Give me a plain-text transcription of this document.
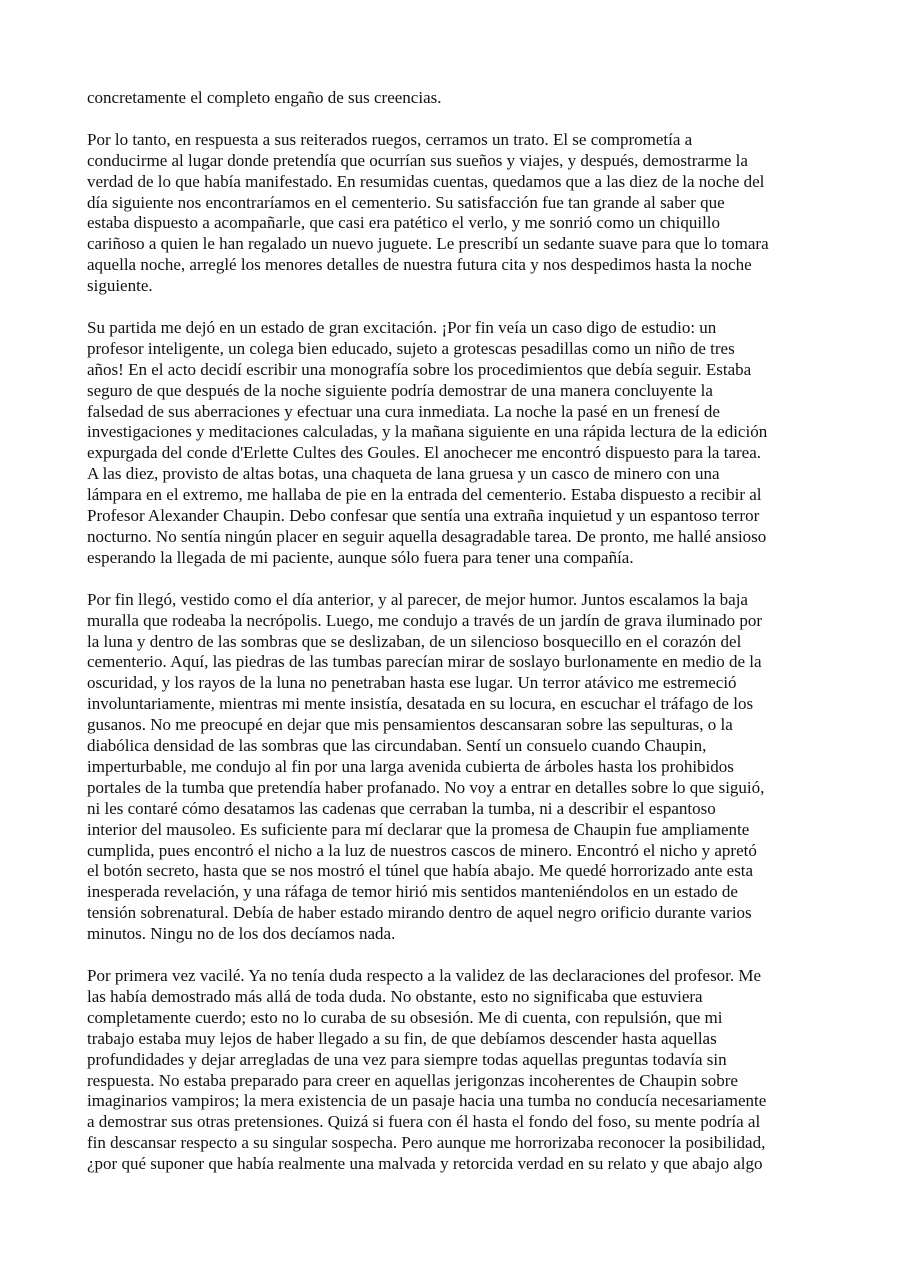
concretamente el completo engaño de sus creencias.

Por lo tanto, en respuesta a sus reiterados ruegos, cerramos un trato. El se comprometía a
conducirme al lugar donde pretendía que ocurrían sus sueños y viajes, y después, demostrarme la
verdad de lo que había manifestado. En resumidas cuentas, quedamos que a las diez de la noche del
día siguiente nos encontraríamos en el cementerio. Su satisfacción fue tan grande al saber que
estaba dispuesto a acompañarle, que casi era patético el verlo, y me sonrió como un chiquillo
cariñoso a quien le han regalado un nuevo juguete. Le prescribí un sedante suave para que lo tomara
aquella noche, arreglé los menores detalles de nuestra futura cita y nos despedimos hasta la noche
siguiente.

Su partida me dejó en un estado de gran excitación. ¡Por fin veía un caso digo de estudio: un
profesor inteligente, un colega bien educado, sujeto a grotescas pesadillas como un niño de tres
años! En el acto decidí escribir una monografía sobre los procedimientos que debía seguir. Estaba
seguro de que después de la noche siguiente podría demostrar de una manera concluyente la
falsedad de sus aberraciones y efectuar una cura inmediata. La noche la pasé en un frenesí de
investigaciones y meditaciones calculadas, y la mañana siguiente en una rápida lectura de la edición
expurgada del conde d'Erlette Cultes des Goules. El anochecer me encontró dispuesto para la tarea.
A las diez, provisto de altas botas, una chaqueta de lana gruesa y un casco de minero con una
lámpara en el extremo, me hallaba de pie en la entrada del cementerio. Estaba dispuesto a recibir al
Profesor Alexander Chaupin. Debo confesar que sentía una extraña inquietud y un espantoso terror
nocturno. No sentía ningún placer en seguir aquella desagradable tarea. De pronto, me hallé ansioso
esperando la llegada de mi paciente, aunque sólo fuera para tener una compañía.

Por fin llegó, vestido como el día anterior, y al parecer, de mejor humor. Juntos escalamos la baja
muralla que rodeaba la necrópolis. Luego, me condujo a través de un jardín de grava iluminado por
la luna y dentro de las sombras que se deslizaban, de un silencioso bosquecillo en el corazón del
cementerio. Aquí, las piedras de las tumbas parecían mirar de soslayo burlonamente en medio de la
oscuridad, y los rayos de la luna no penetraban hasta ese lugar. Un terror atávico me estremeció
involuntariamente, mientras mi mente insistía, desatada en su locura, en escuchar el tráfago de los
gusanos. No me preocupé en dejar que mis pensamientos descansaran sobre las sepulturas, o la
diabólica densidad de las sombras que las circundaban. Sentí un consuelo cuando Chaupin,
imperturbable, me condujo al fin por una larga avenida cubierta de árboles hasta los prohibidos
portales de la tumba que pretendía haber profanado. No voy a entrar en detalles sobre lo que siguió,
ni les contaré cómo desatamos las cadenas que cerraban la tumba, ni a describir el espantoso
interior del mausoleo. Es suficiente para mí declarar que la promesa de Chaupin fue ampliamente
cumplida, pues encontró el nicho a la luz de nuestros cascos de minero. Encontró el nicho y apretó
el botón secreto, hasta que se nos mostró el túnel que había abajo. Me quedé horrorizado ante esta
inesperada revelación, y una ráfaga de temor hirió mis sentidos manteniéndolos en un estado de
tensión sobrenatural. Debía de haber estado mirando dentro de aquel negro orificio durante varios
minutos. Ningu no de los dos decíamos nada.

Por primera vez vacilé. Ya no tenía duda respecto a la validez de las declaraciones del profesor. Me
las había demostrado más allá de toda duda. No obstante, esto no significaba que estuviera
completamente cuerdo; esto no lo curaba de su obsesión. Me di cuenta, con repulsión, que mi
trabajo estaba muy lejos de haber llegado a su fin, de que debíamos descender hasta aquellas
profundidades y dejar arregladas de una vez para siempre todas aquellas preguntas todavía sin
respuesta. No estaba preparado para creer en aquellas jerigonzas incoherentes de Chaupin sobre
imaginarios vampiros; la mera existencia de un pasaje hacia una tumba no conducía necesariamente
a demostrar sus otras pretensiones. Quizá si fuera con él hasta el fondo del foso, su mente podría al
fin descansar respecto a su singular sospecha. Pero aunque me horrorizaba reconocer la posibilidad,
¿por qué suponer que había realmente una malvada y retorcida verdad en su relato y que abajo algo
